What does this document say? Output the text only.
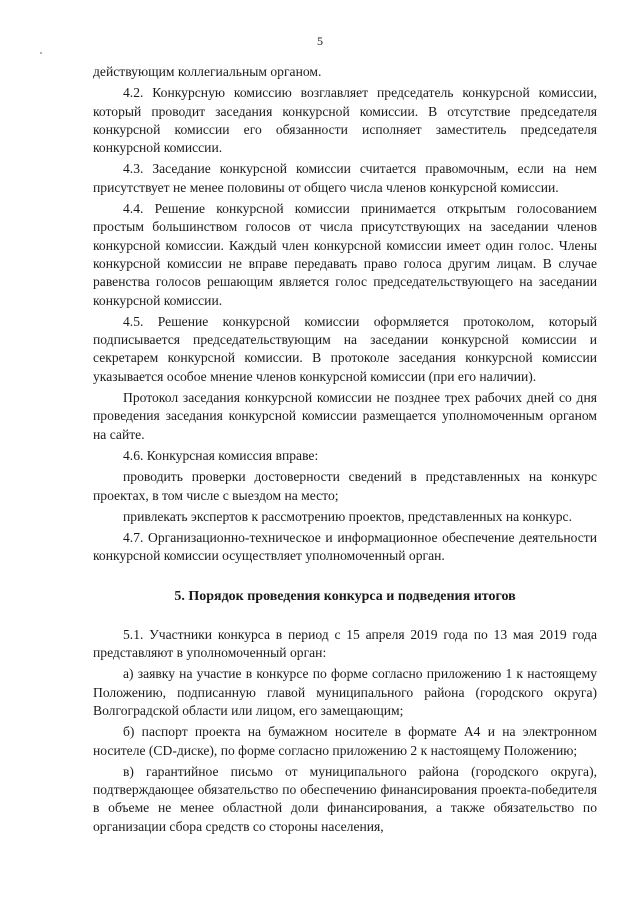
5

действующим коллегиальным органом.

4.2. Конкурсную комиссию возглавляет председатель конкурсной комиссии, который проводит заседания конкурсной комиссии. В отсутствие председателя конкурсной комиссии его обязанности исполняет заместитель председателя конкурсной комиссии.

4.3. Заседание конкурсной комиссии считается правомочным, если на нем присутствует не менее половины от общего числа членов конкурсной комиссии.

4.4. Решение конкурсной комиссии принимается открытым голосованием простым большинством голосов от числа присутствующих на заседании членов конкурсной комиссии. Каждый член конкурсной комиссии имеет один голос. Члены конкурсной комиссии не вправе передавать право голоса другим лицам. В случае равенства голосов решающим является голос председательствующего на заседании конкурсной комиссии.

4.5. Решение конкурсной комиссии оформляется протоколом, который подписывается председательствующим на заседании конкурсной комиссии и секретарем конкурсной комиссии. В протоколе заседания конкурсной комиссии указывается особое мнение членов конкурсной комиссии (при его наличии).

Протокол заседания конкурсной комиссии не позднее трех рабочих дней со дня проведения заседания конкурсной комиссии размещается уполномоченным органом на сайте.

4.6. Конкурсная комиссия вправе:

проводить проверки достоверности сведений в представленных на конкурс проектах, в том числе с выездом на место;

привлекать экспертов к рассмотрению проектов, представленных на конкурс.

4.7. Организационно-техническое и информационное обеспечение деятельности конкурсной комиссии осуществляет уполномоченный орган.

5. Порядок проведения конкурса и подведения итогов

5.1. Участники конкурса в период с 15 апреля 2019 года по 13 мая 2019 года представляют в уполномоченный орган:

а) заявку на участие в конкурсе по форме согласно приложению 1 к настоящему Положению, подписанную главой муниципального района (городского округа) Волгоградской области или лицом, его замещающим;

б) паспорт проекта на бумажном носителе в формате А4 и на электронном носителе (CD-диске), по форме согласно приложению 2 к настоящему Положению;

в) гарантийное письмо от муниципального района (городского округа), подтверждающее обязательство по обеспечению финансирования проекта-победителя в объеме не менее областной доли финансирования, а также обязательство по организации сбора средств со стороны населения,
